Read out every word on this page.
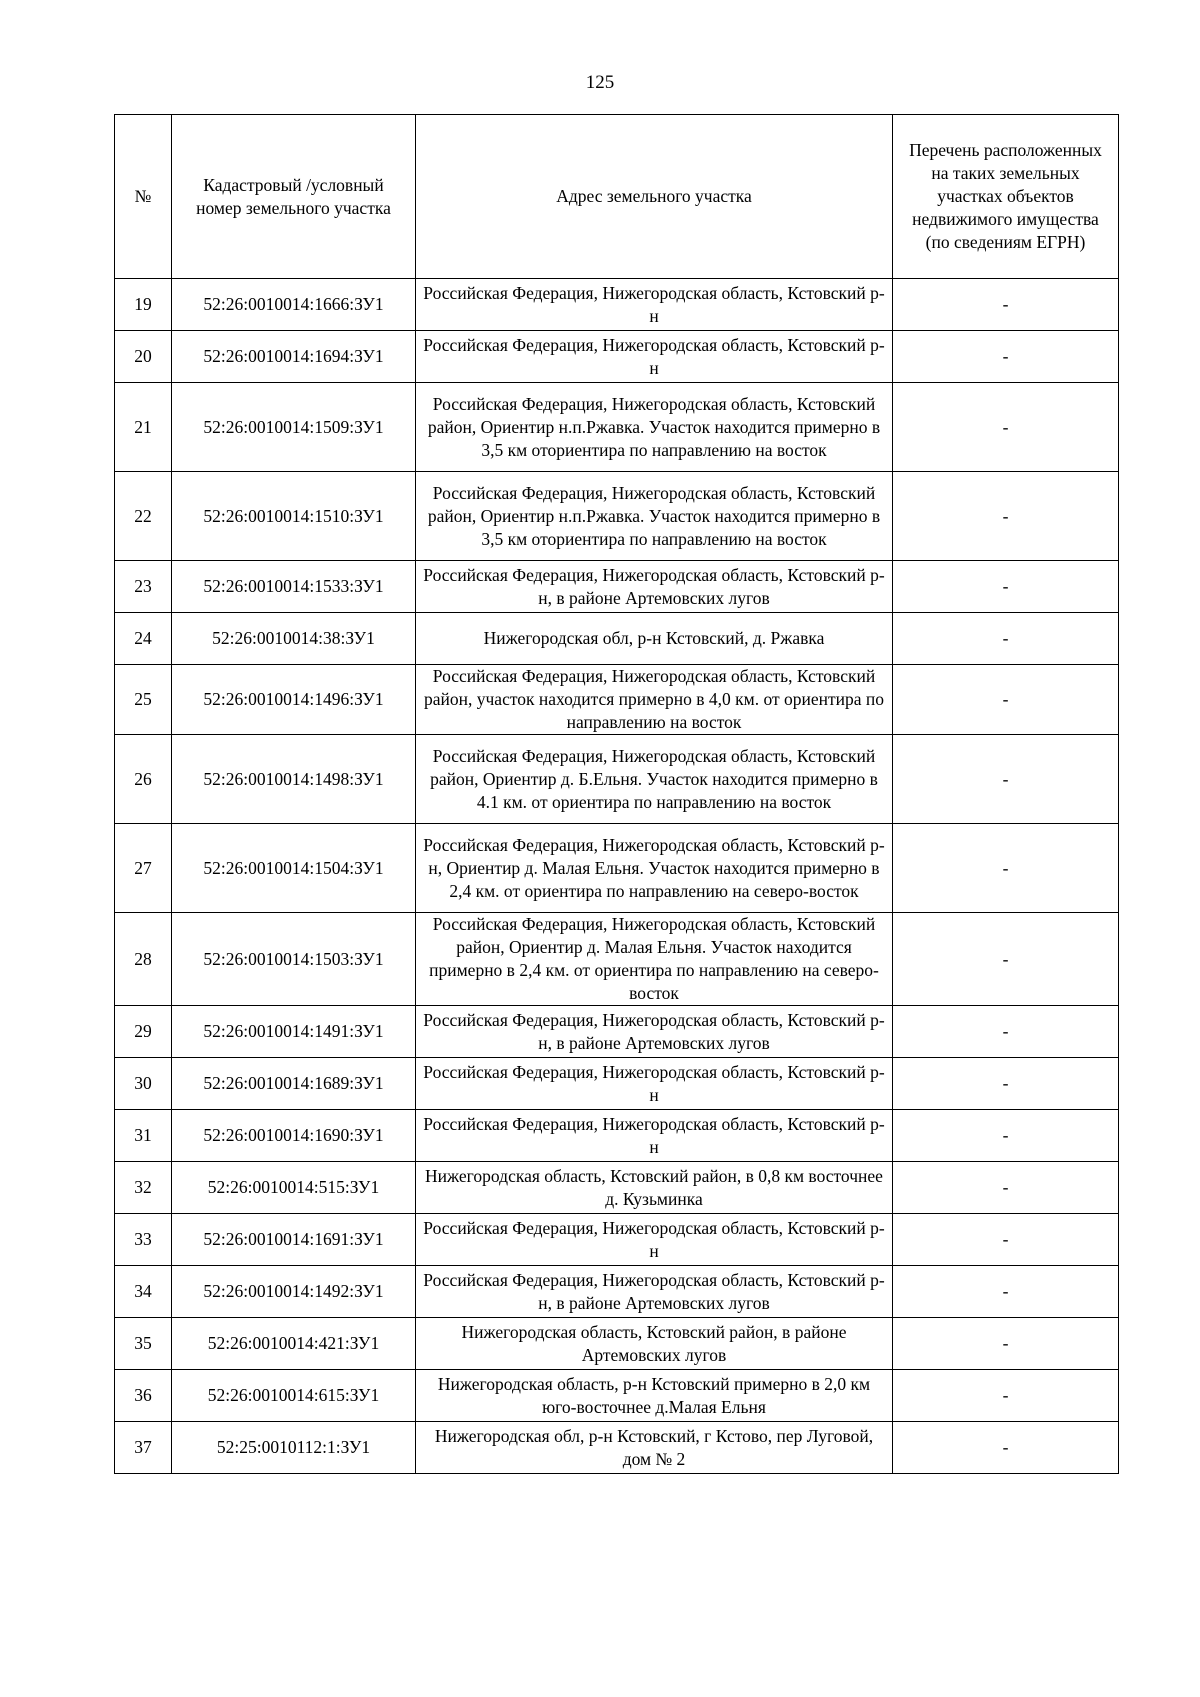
125
№	Кадастровый /условный номер земельного участка	Адрес земельного участка	Перечень расположенных на таких земельных участках объектов недвижимого имущества (по сведениям ЕГРН)
19	52:26:0010014:1666:ЗУ1	Российская Федерация, Нижегородская область, Кстовский р-н	-
20	52:26:0010014:1694:ЗУ1	Российская Федерация, Нижегородская область, Кстовский р-н	-
21	52:26:0010014:1509:ЗУ1	Российская Федерация, Нижегородская область, Кстовский район, Ориентир н.п.Ржавка. Участок находится примерно в 3,5 км оториентира по направлению на восток	-
22	52:26:0010014:1510:ЗУ1	Российская Федерация, Нижегородская область, Кстовский район, Ориентир н.п.Ржавка. Участок находится примерно в 3,5 км оториентира по направлению на восток	-
23	52:26:0010014:1533:ЗУ1	Российская Федерация, Нижегородская область, Кстовский р-н, в районе Артемовских лугов	-
24	52:26:0010014:38:ЗУ1	Нижегородская обл, р-н Кстовский, д. Ржавка	-
25	52:26:0010014:1496:ЗУ1	Российская Федерация, Нижегородская область, Кстовский район, участок находится примерно в 4,0 км. от ориентира по направлению на восток	-
26	52:26:0010014:1498:ЗУ1	Российская Федерация, Нижегородская область, Кстовский район, Ориентир д. Б.Ельня. Участок находится примерно в 4.1 км. от ориентира по направлению на восток	-
27	52:26:0010014:1504:ЗУ1	Российская Федерация, Нижегородская область, Кстовский р-н, Ориентир д. Малая Ельня. Участок находится примерно в 2,4 км. от ориентира по направлению на северо-восток	-
28	52:26:0010014:1503:ЗУ1	Российская Федерация, Нижегородская область, Кстовский район, Ориентир д. Малая Ельня. Участок находится примерно в 2,4 км. от ориентира по направлению на северо-восток	-
29	52:26:0010014:1491:ЗУ1	Российская Федерация, Нижегородская область, Кстовский р-н, в районе Артемовских лугов	-
30	52:26:0010014:1689:ЗУ1	Российская Федерация, Нижегородская область, Кстовский р-н	-
31	52:26:0010014:1690:ЗУ1	Российская Федерация, Нижегородская область, Кстовский р-н	-
32	52:26:0010014:515:ЗУ1	Нижегородская область, Кстовский район, в 0,8 км восточнее д. Кузьминка	-
33	52:26:0010014:1691:ЗУ1	Российская Федерация, Нижегородская область, Кстовский р-н	-
34	52:26:0010014:1492:ЗУ1	Российская Федерация, Нижегородская область, Кстовский р-н, в районе Артемовских лугов	-
35	52:26:0010014:421:ЗУ1	Нижегородская область, Кстовский район, в районе Артемовских лугов	-
36	52:26:0010014:615:ЗУ1	Нижегородская область, р-н Кстовский примерно в 2,0 км юго-восточнее д.Малая Ельня	-
37	52:25:0010112:1:ЗУ1	Нижегородская обл, р-н Кстовский, г Кстово, пер Луговой, дом № 2	-
